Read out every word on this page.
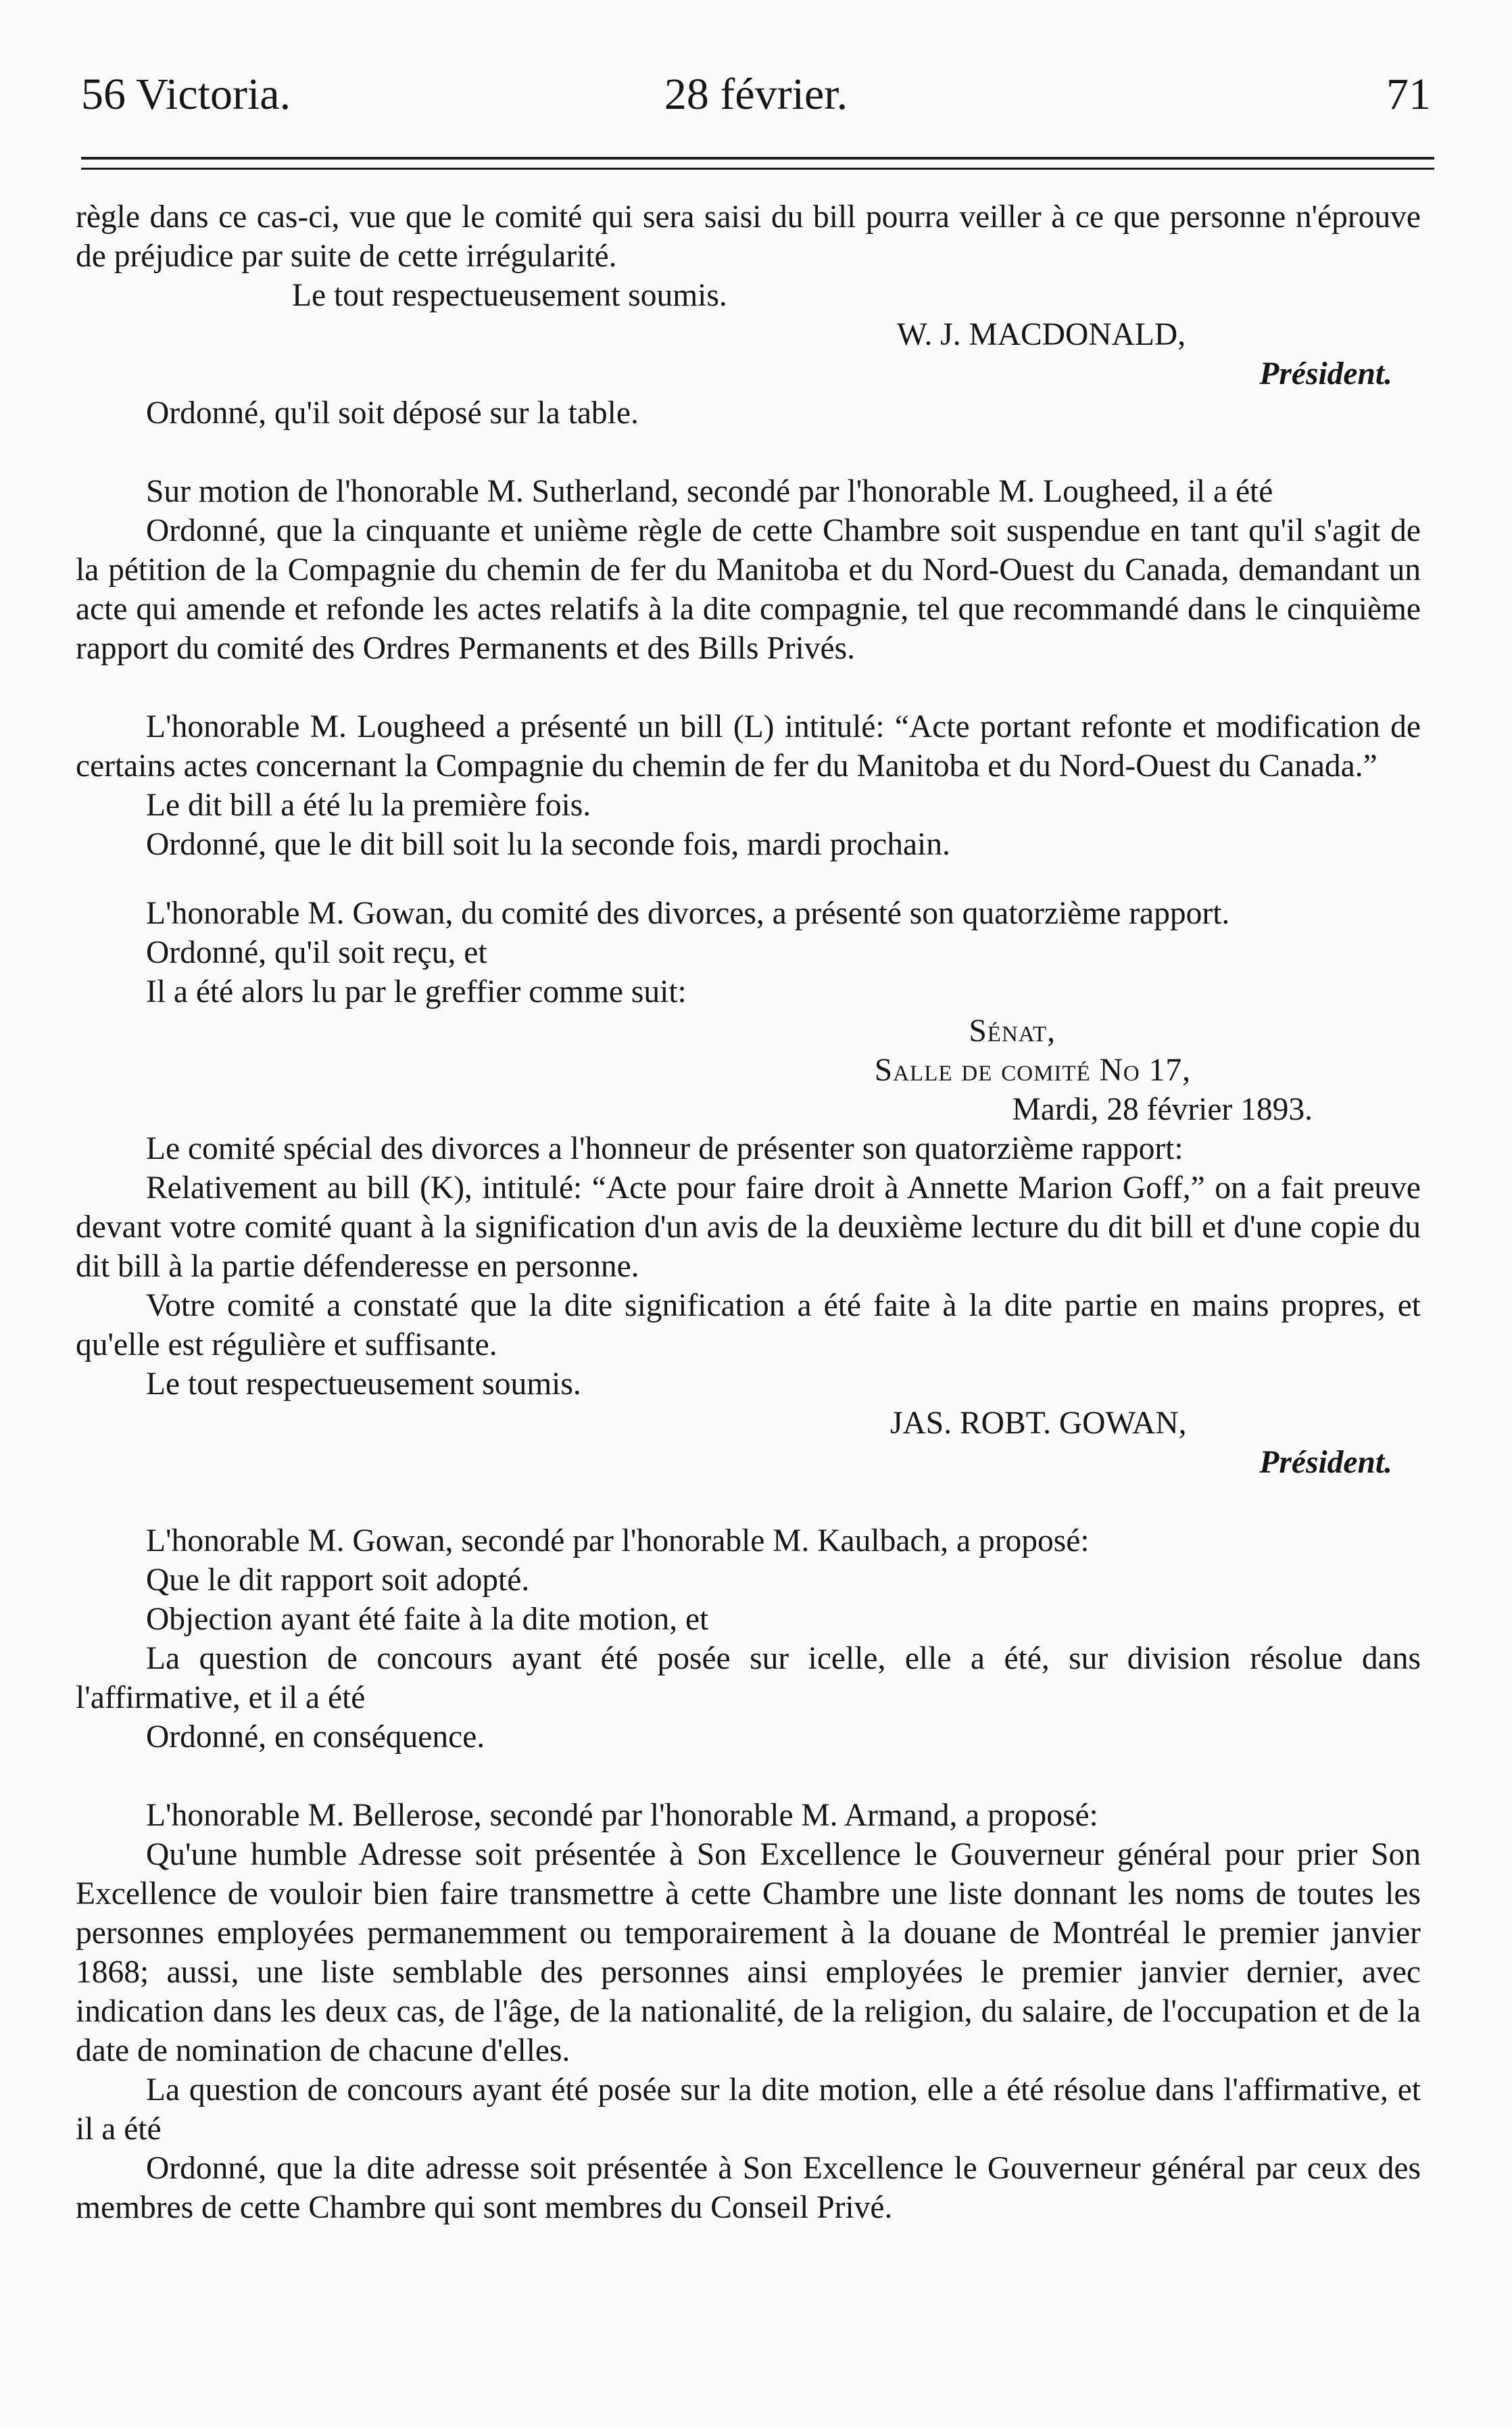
56 Victoria.	28 février.	71

règle dans ce cas-ci, vue que le comité qui sera saisi du bill pourra veiller à ce que personne n'éprouve de préjudice par suite de cette irrégularité.

Le tout respectueusement soumis.

W. J. MACDONALD,

Président.

Ordonné, qu'il soit déposé sur la table.

Sur motion de l'honorable M. Sutherland, secondé par l'honorable M. Lougheed, il a été

Ordonné, que la cinquante et unième règle de cette Chambre soit suspendue en tant qu'il s'agit de la pétition de la Compagnie du chemin de fer du Manitoba et du Nord-Ouest du Canada, demandant un acte qui amende et refonde les actes relatifs à la dite compagnie, tel que recommandé dans le cinquième rapport du comité des Ordres Permanents et des Bills Privés.

L'honorable M. Lougheed a présenté un bill (L) intitulé: “Acte portant refonte et modification de certains actes concernant la Compagnie du chemin de fer du Manitoba et du Nord-Ouest du Canada.”

Le dit bill a été lu la première fois.

Ordonné, que le dit bill soit lu la seconde fois, mardi prochain.

L'honorable M. Gowan, du comité des divorces, a présenté son quatorzième rapport.

Ordonné, qu'il soit reçu, et

Il a été alors lu par le greffier comme suit:

Sénat,

Salle de comité No 17,

Mardi, 28 février 1893.

Le comité spécial des divorces a l'honneur de présenter son quatorzième rapport:

Relativement au bill (K), intitulé: “Acte pour faire droit à Annette Marion Goff,” on a fait preuve devant votre comité quant à la signification d'un avis de la deuxième lecture du dit bill et d'une copie du dit bill à la partie défenderesse en personne.

Votre comité a constaté que la dite signification a été faite à la dite partie en mains propres, et qu'elle est régulière et suffisante.

Le tout respectueusement soumis.

JAS. ROBT. GOWAN,

Président.

L'honorable M. Gowan, secondé par l'honorable M. Kaulbach, a proposé:

Que le dit rapport soit adopté.

Objection ayant été faite à la dite motion, et

La question de concours ayant été posée sur icelle, elle a été, sur division résolue dans l'affirmative, et il a été

Ordonné, en conséquence.

L'honorable M. Bellerose, secondé par l'honorable M. Armand, a proposé:

Qu'une humble Adresse soit présentée à Son Excellence le Gouverneur général pour prier Son Excellence de vouloir bien faire transmettre à cette Chambre une liste donnant les noms de toutes les personnes employées permanemment ou temporairement à la douane de Montréal le premier janvier 1868; aussi, une liste semblable des personnes ainsi employées le premier janvier dernier, avec indication dans les deux cas, de l'âge, de la nationalité, de la religion, du salaire, de l'occupation et de la date de nomination de chacune d'elles.

La question de concours ayant été posée sur la dite motion, elle a été résolue dans l'affirmative, et il a été

Ordonné, que la dite adresse soit présentée à Son Excellence le Gouverneur général par ceux des membres de cette Chambre qui sont membres du Conseil Privé.
